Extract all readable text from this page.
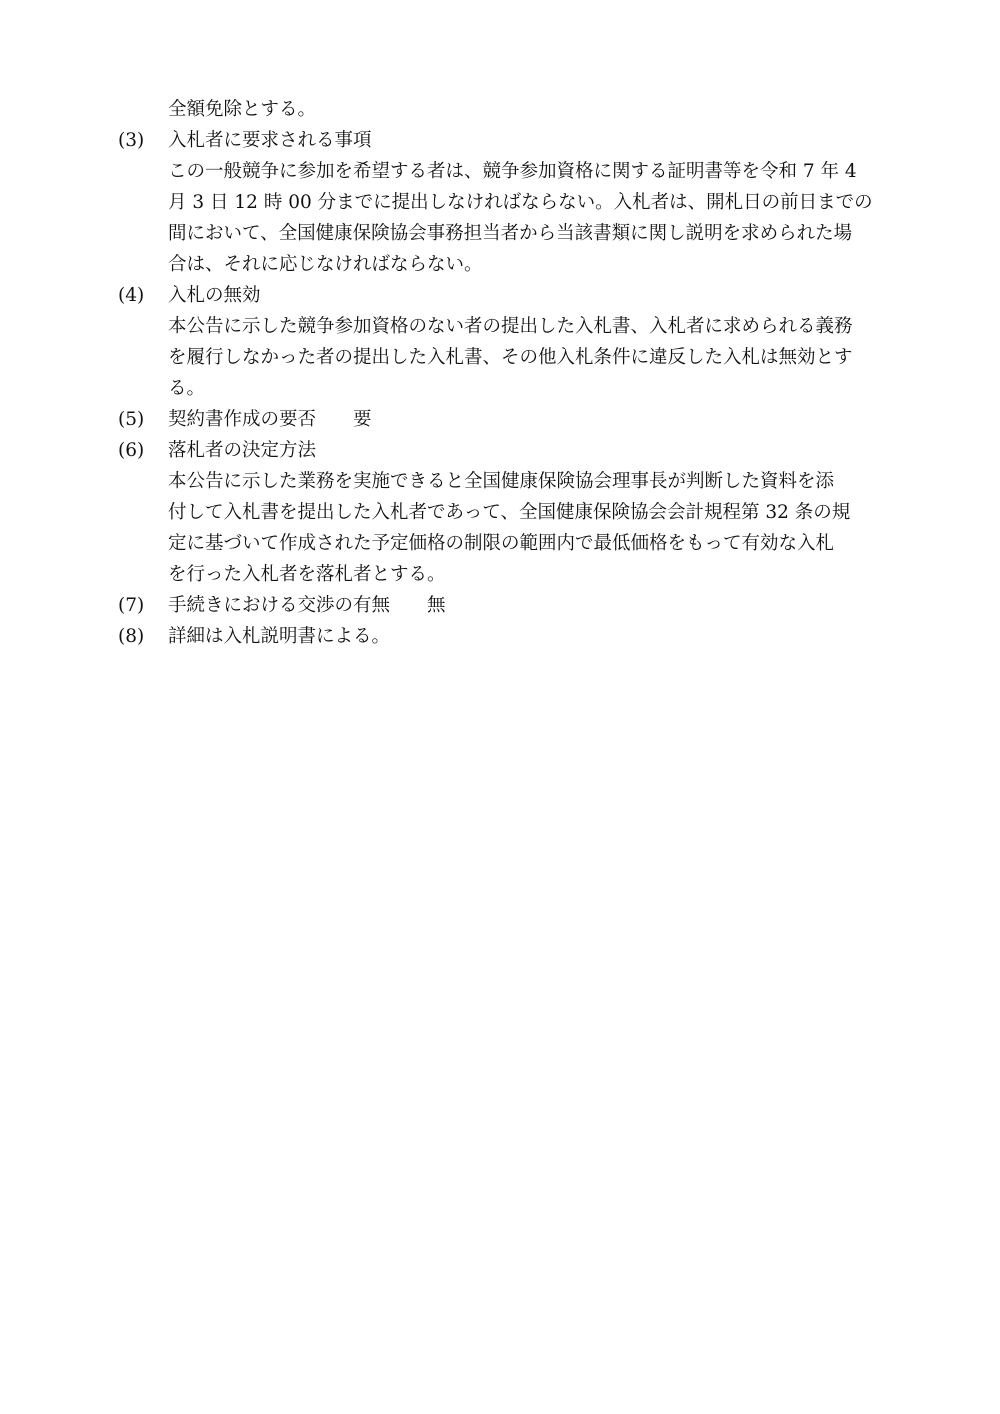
全額免除とする。
(3) 入札者に要求される事項
この一般競争に参加を希望する者は、競争参加資格に関する証明書等を令和 7 年 4
月 3 日 12 時 00 分までに提出しなければならない。入札者は、開札日の前日までの
間において、全国健康保険協会事務担当者から当該書類に関し説明を求められた場
合は、それに応じなければならない。
(4) 入札の無効
本公告に示した競争参加資格のない者の提出した入札書、入札者に求められる義務
を履行しなかった者の提出した入札書、その他入札条件に違反した入札は無効とす
る。
(5) 契約書作成の要否　　要
(6) 落札者の決定方法
本公告に示した業務を実施できると全国健康保険協会理事長が判断した資料を添
付して入札書を提出した入札者であって、全国健康保険協会会計規程第 32 条の規
定に基づいて作成された予定価格の制限の範囲内で最低価格をもって有効な入札
を行った入札者を落札者とする。
(7) 手続きにおける交渉の有無　　無
(8) 詳細は入札説明書による。
